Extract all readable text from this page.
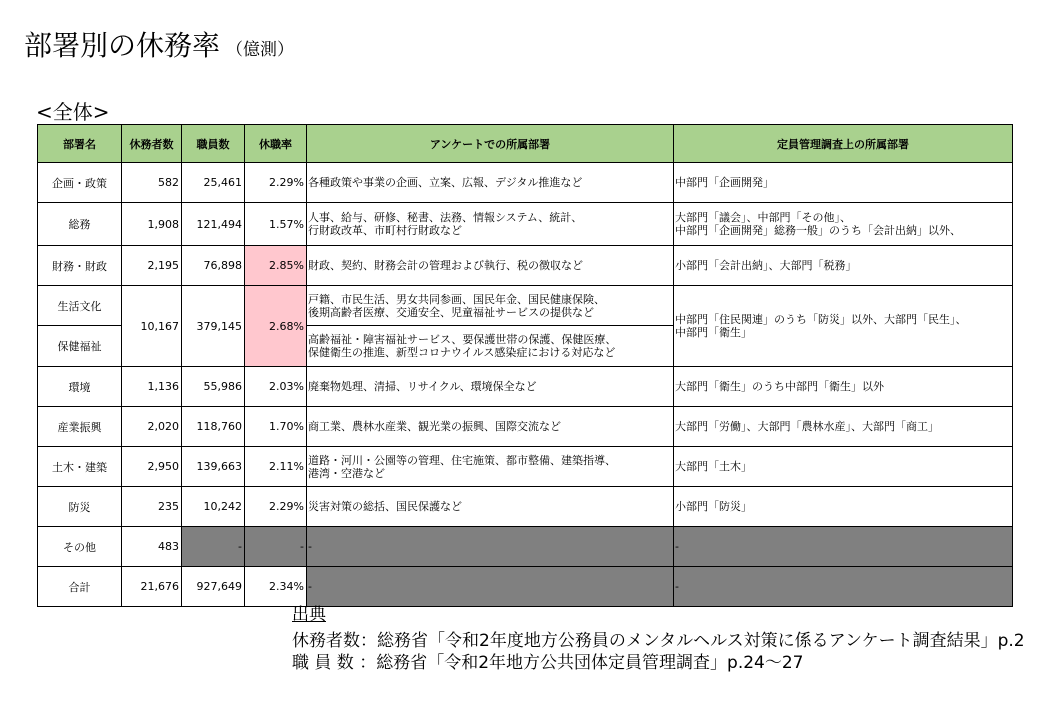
部署別の休務率 （億測）
<全体>
部署名	休務者数	職員数	休職率	アンケートでの所属部署	定員管理調査上の所属部署
企画・政策	582	25,461	2.29%	各種政策や事業の企画、立案、広報、デジタル推進など	中部門「企画開発」

総務	1,908	121,494	1.57%	人事、給与、研修、秘書、法務、情報システム、統計、
行財政改革、市町村行財政など	大部門「議会」、中部門「その他」、
中部門「企画開発」総務一般」のうち「会計出納」以外、

財務・財政	2,195	76,898	2.85%	財政、契約、財務会計の管理および執行、税の徴収など	小部門「会計出納」、大部門「税務」

生活文化	10,167	379,145	2.68%	戸籍、市民生活、男女共同参画、国民年金、国民健康保険、
後期高齢者医療、交通安全、児童福祉サービスの提供など	中部門「住民関連」のうち「防災」以外、大部門「民生」、
中部門「衛生」

保健福祉				高齢福祉・障害福祉サービス、要保護世帯の保護、保健医療、
保健衛生の推進、新型コロナウイルス感染症における対応など	

環境	1,136	55,986	2.03%	廃棄物処理、清掃、リサイクル、環境保全など	大部門「衛生」のうち中部門「衛生」以外

産業振興	2,020	118,760	1.70%	商工業、農林水産業、観光業の振興、国際交流など	大部門「労働」、大部門「農林水産」、大部門「商工」

土木・建築	2,950	139,663	2.11%	道路・河川・公園等の管理、住宅施策、都市整備、建築指導、
港湾・空港など	大部門「土木」

防災	235	10,242	2.29%	災害対策の総括、国民保護など	小部門「防災」

その他	483	-	-	-	-

合計	21,676	927,649	2.34%	-	-
出典
休務者数：総務省「令和2年度地方公務員のメンタルヘルス対策に係るアンケート調査結果」p.2
職 員 数 ：総務省「令和2年地方公共団体定員管理調査」p.24～27
